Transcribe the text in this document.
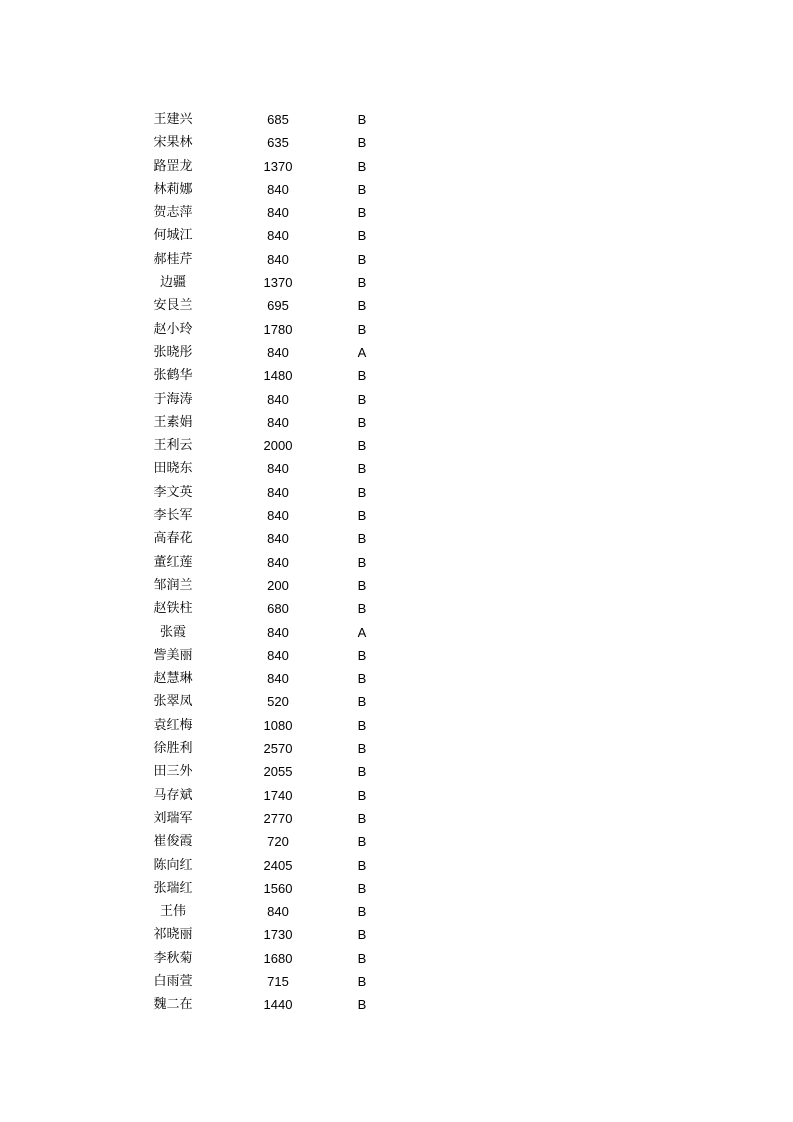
王建兴	685	B
宋果林	635	B
路罡龙	1370	B
林莉娜	840	B
贺志萍	840	B
何城江	840	B
郝桂芹	840	B
边疆	1370	B
安艮兰	695	B
赵小玲	1780	B
张晓彤	840	A
张鹤华	1480	B
于海涛	840	B
王素娟	840	B
王利云	2000	B
田晓东	840	B
李文英	840	B
李长军	840	B
高春花	840	B
董红莲	840	B
邹润兰	200	B
赵铁柱	680	B
张霞	840	A
訾美丽	840	B
赵慧琳	840	B
张翠凤	520	B
袁红梅	1080	B
徐胜利	2570	B
田三外	2055	B
马存斌	1740	B
刘瑞军	2770	B
崔俊霞	720	B
陈向红	2405	B
张瑞红	1560	B
王伟	840	B
祁晓丽	1730	B
李秋菊	1680	B
白雨萱	715	B
魏二在	1440	B
